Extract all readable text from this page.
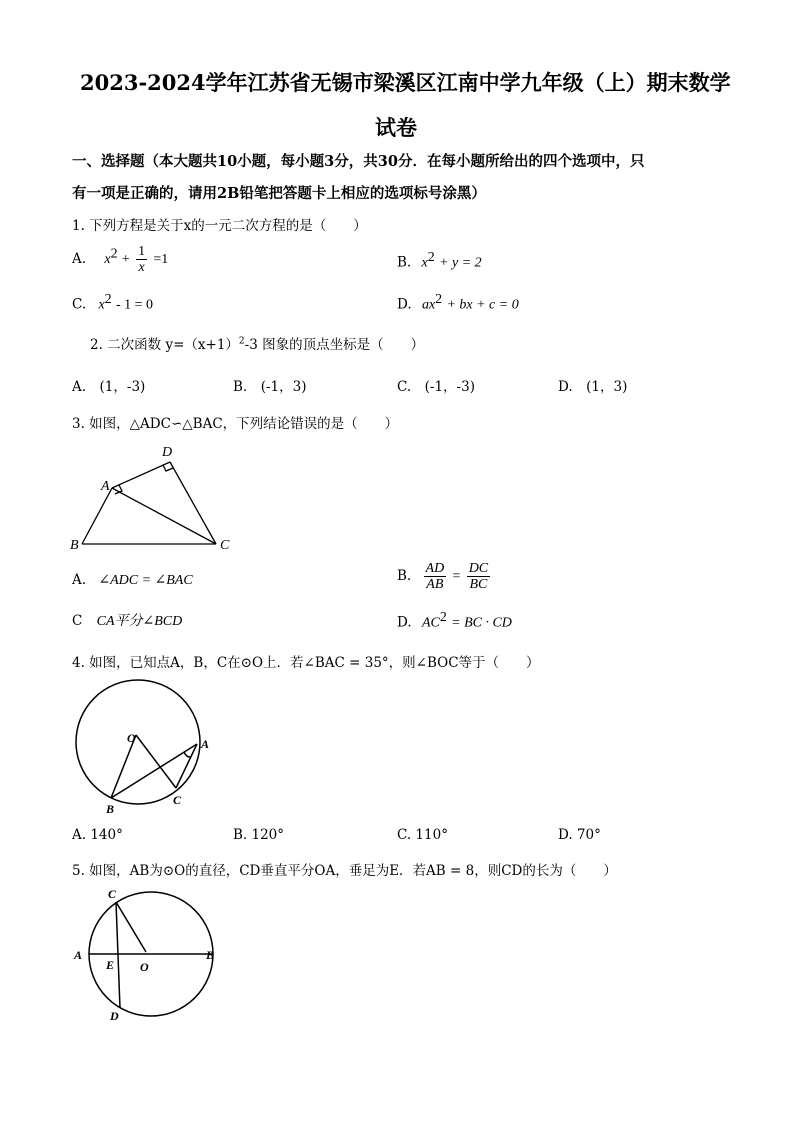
2023-2024学年江苏省无锡市梁溪区江南中学九年级（上）期末数学
试卷
一、选择题（本大题共10小题，每小题3分，共30分．在每小题所给出的四个选项中，只
有一项是正确的，请用2B铅笔把答题卡上相应的选项标号涂黑）
1. 下列方程是关于x的一元二次方程的是（　　）
A. $x^2 + \frac{1}{x} =1$	B. $x^2 + y = 2$
C. $x^2 - 1 = 0$	D. $ax^2$ + bx + c = 0
2. 二次函数 $y=(x+1)^2-3$ 图象的顶点坐标是（　　）
A.　(1，-3)	B.　(-1，3)	C.　(-1，-3)	D.　(1，3)
3. 如图，△ADC∽△BAC，下列结论错误的是（　　）
D
A
B	C
A. ∠ADC = ∠BAC	B. $\frac{AD}{AB} = \frac{DC}{BC}$
C CA平分∠BCD	D. $AC^2$ = BC · CD
4. 如图，已知点A，B，C在⊙O上．若∠BAC = 35°，则∠BOC等于（　　）
O	A
B
C
A. 140°	B. 120°	C. 110°	D. 70°
5. 如图，AB为⊙O的直径，CD垂直平分OA，垂足为E．若AB = 8，则CD的长为（　　）
C
A
E O
B
D
